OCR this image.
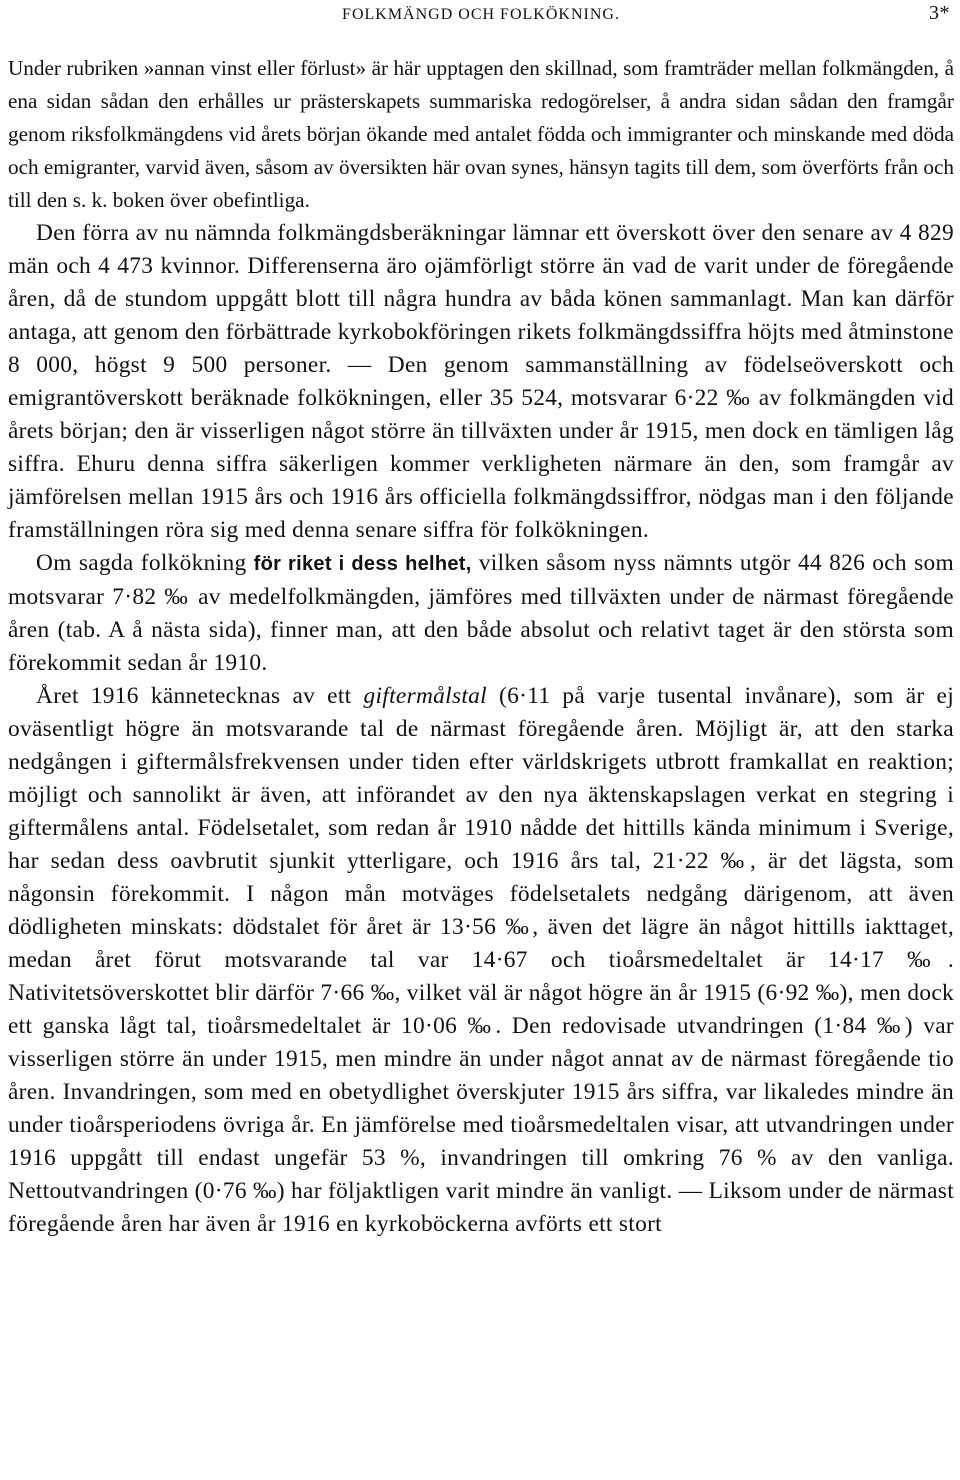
FOLKMÄNGD OCH FOLKÖKNING.	3*

Under rubriken »annan vinst eller förlust» är här upptagen den skillnad, som framträder mellan folkmängden, å ena sidan sådan den erhålles ur prästerskapets summariska redogörelser, å andra sidan sådan den framgår genom riksfolkmängdens vid årets början ökande med antalet födda och immigranter och minskande med döda och emigranter, varvid även, såsom av översikten här ovan synes, hänsyn tagits till dem, som överförts från och till den s. k. boken över obefintliga.

Den förra av nu nämnda folkmängdsberäkningar lämnar ett överskott över den senare av 4 829 män och 4 473 kvinnor. Differenserna äro ojämförligt större än vad de varit under de föregående åren, då de stundom uppgått blott till några hundra av båda könen sammanlagt. Man kan därför antaga, att genom den förbättrade kyrkobokföringen rikets folkmängdssiffra höjts med åtminstone 8 000, högst 9 500 personer. — Den genom sammanställning av födelseöverskott och emigrantöverskott beräknade folkökningen, eller 35 524, motsvarar 6·22 ‰ av folkmängden vid årets början; den är visserligen något större än tillväxten under år 1915, men dock en tämligen låg siffra. Ehuru denna siffra säkerligen kommer verkligheten närmare än den, som framgår av jämförelsen mellan 1915 års och 1916 års officiella folkmängdssiffror, nödgas man i den följande framställningen röra sig med denna senare siffra för folkökningen.

Om sagda folkökning för riket i dess helhet, vilken såsom nyss nämnts utgör 44 826 och som motsvarar 7·82 ‰ av medelfolkmängden, jämföres med tillväxten under de närmast föregående åren (tab. A å nästa sida), finner man, att den både absolut och relativt taget är den största som förekommit sedan år 1910.

Året 1916 kännetecknas av ett giftermålstal (6·11 på varje tusental invånare), som är ej oväsentligt högre än motsvarande tal de närmast föregående åren. Möjligt är, att den starka nedgången i giftermålsfrekvensen under tiden efter världskrigets utbrott framkallat en reaktion; möjligt och sannolikt är även, att införandet av den nya äktenskapslagen verkat en stegring i giftermålens antal. Födelsetalet, som redan år 1910 nådde det hittills kända minimum i Sverige, har sedan dess oavbrutit sjunkit ytterligare, och 1916 års tal, 21·22 ‰, är det lägsta, som någonsin förekommit. I någon mån motväges födelsetalets nedgång därigenom, att även dödligheten minskats: dödstalet för året är 13·56 ‰, även det lägre än något hittills iakttaget, medan året förut motsvarande tal var 14·67 och tioårsmedeltalet är 14·17 ‰. Nativitetsöverskottet blir därför 7·66 ‰, vilket väl är något högre än år 1915 (6·92 ‰), men dock ett ganska lågt tal, tioårsmedeltalet är 10·06 ‰. Den redovisade utvandringen (1·84 ‰) var visserligen större än under 1915, men mindre än under något annat av de närmast föregående tio åren. Invandringen, som med en obetydlighet överskjuter 1915 års siffra, var likaledes mindre än under tioårsperiodens övriga år. En jämförelse med tioårsmedeltalen visar, att utvandringen under 1916 uppgått till endast ungefär 53 %, invandringen till omkring 76 % av den vanliga. Nettoutvandringen (0·76 ‰) har följaktligen varit mindre än vanligt. — Liksom under de närmast föregående åren har även år 1916 en kyrkoböckerna avförts ett stort
